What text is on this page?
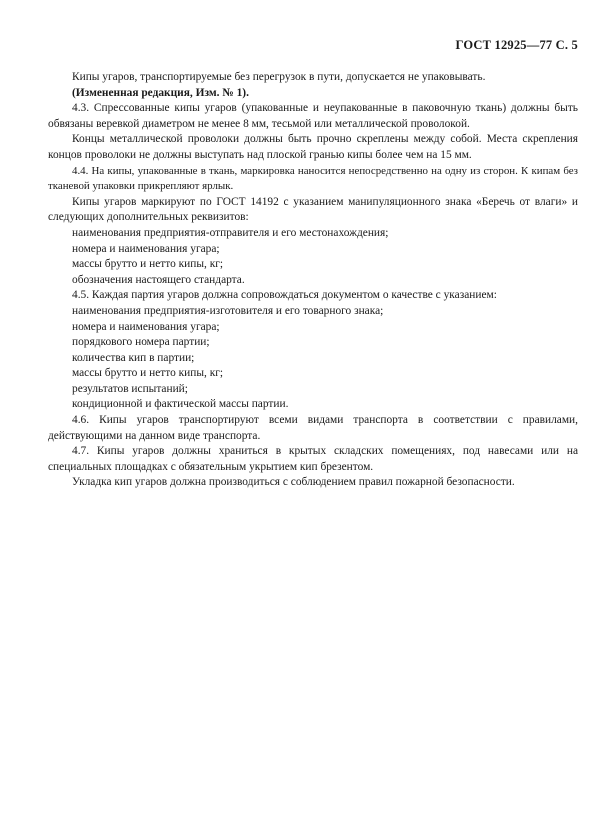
ГОСТ 12925—77 С. 5

Кипы угаров, транспортируемые без перегрузок в пути, допускается не упаковывать.

(Измененная редакция, Изм. № 1).

4.3. Спрессованные кипы угаров (упакованные и неупакованные в паковочную ткань) должны быть обвязаны веревкой диаметром не менее 8 мм, тесьмой или металлической проволокой.

Концы металлической проволоки должны быть прочно скреплены между собой. Места скрепления концов проволоки не должны выступать над плоской гранью кипы более чем на 15 мм.

4.4. На кипы, упакованные в ткань, маркировка наносится непосредственно на одну из сторон. К кипам без тканевой упаковки прикрепляют ярлык.

Кипы угаров маркируют по ГОСТ 14192 с указанием манипуляционного знака «Беречь от влаги» и следующих дополнительных реквизитов:

наименования предприятия-отправителя и его местонахождения;

номера и наименования угара;

массы брутто и нетто кипы, кг;

обозначения настоящего стандарта.

4.5. Каждая партия угаров должна сопровождаться документом о качестве с указанием:

наименования предприятия-изготовителя и его товарного знака;

номера и наименования угара;

порядкового номера партии;

количества кип в партии;

массы брутто и нетто кипы, кг;

результатов испытаний;

кондиционной и фактической массы партии.

4.6. Кипы угаров транспортируют всеми видами транспорта в соответствии с правилами, действующими на данном виде транспорта.

4.7. Кипы угаров должны храниться в крытых складских помещениях, под навесами или на специальных площадках с обязательным укрытием кип брезентом.

Укладка кип угаров должна производиться с соблюдением правил пожарной безопасности.
